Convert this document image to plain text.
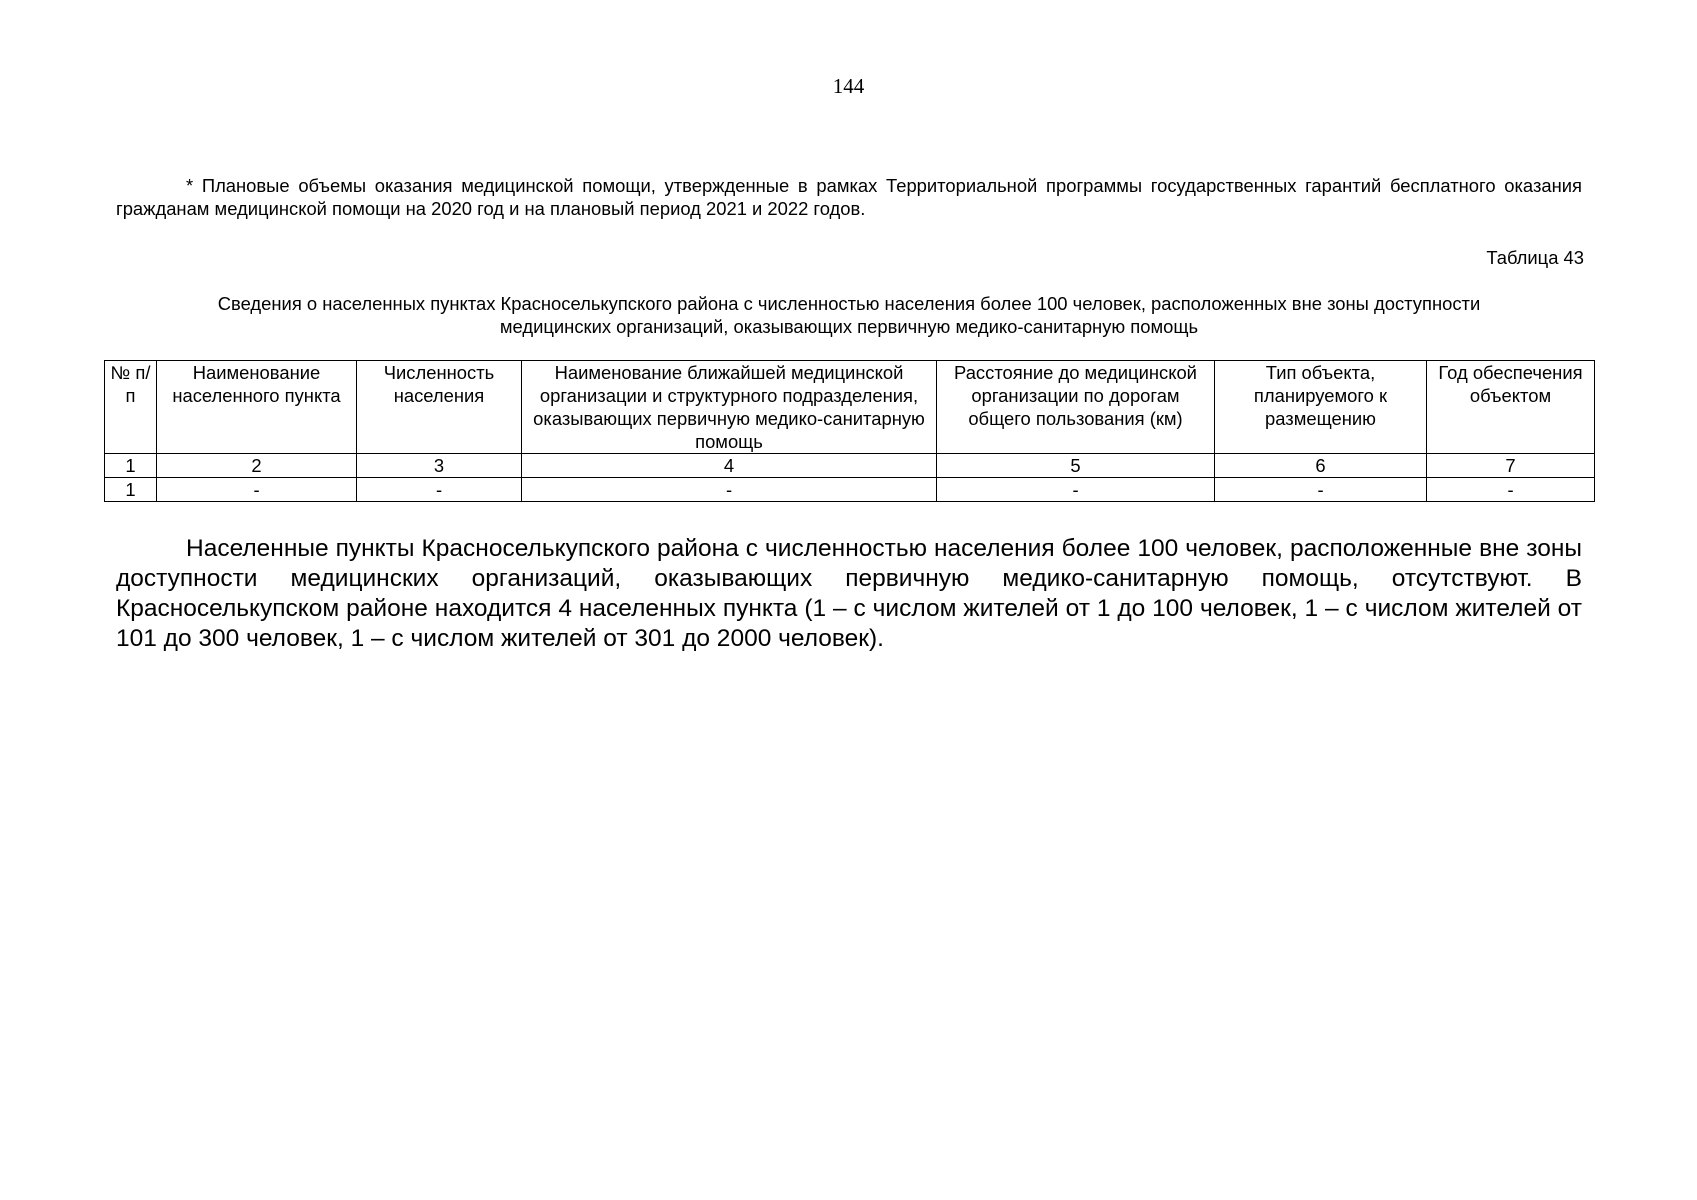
144
* Плановые объемы оказания медицинской помощи, утвержденные в рамках Территориальной программы государственных гарантий бесплатного оказания гражданам медицинской помощи на 2020 год и на плановый период 2021 и 2022 годов.
Таблица 43
Сведения о населенных пунктах Красноселькупского района с численностью населения более 100 человек, расположенных вне зоны доступности
медицинских организаций, оказывающих первичную медико-санитарную помощь
№ п/п	Наименование населенного пункта	Численность населения	Наименование ближайшей медицинской организации и структурного подразделения, оказывающих первичную медико-санитарную помощь	Расстояние до медицинской организации по дорогам общего пользования (км)	Тип объекта, планируемого к размещению	Год обеспечения объектом
1	2	3	4	5	6	7
1	-	-	-	-	-	-
Населенные пункты Красноселькупского района с численностью населения более 100 человек, расположенные вне зоны доступности медицинских организаций, оказывающих первичную медико-санитарную помощь, отсутствуют. В Красноселькупском районе находится 4 населенных пункта (1 – с числом жителей от 1 до 100 человек, 1 – с числом жителей от 101 до 300 человек, 1 – с числом жителей от 301 до 2000 человек).
